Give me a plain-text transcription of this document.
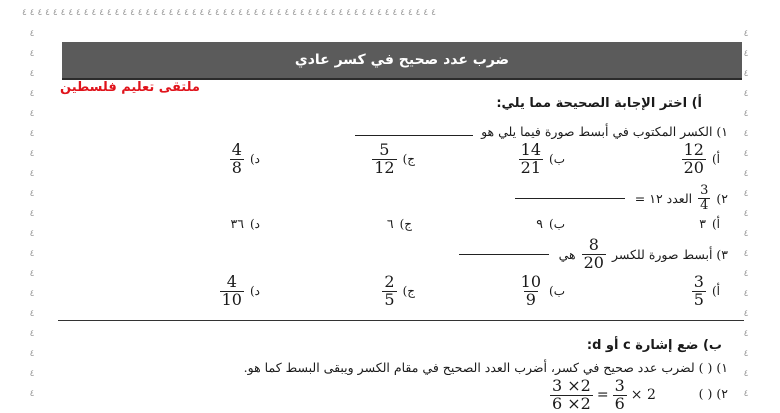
٤ ٤ ٤ ٤ ٤ ٤ ٤ ٤ ٤ ٤ ٤ ٤ ٤ ٤ ٤ ٤ ٤ ٤ ٤ ٤ ٤ ٤ ٤ ٤ ٤ ٤ ٤ ٤ ٤ ٤ ٤ ٤ ٤ ٤ ٤ ٤ ٤ ٤ ٤ ٤ ٤ ٤ ٤ ٤ ٤ ٤ ٤ ٤ ٤ ٤ ٤ ٤ ٤ ٤
٤ ٤ ٤ ٤ ٤ ٤ ٤ ٤ ٤ ٤ ٤ ٤ ٤ ٤ ٤ ٤ ٤ ٤ ٤
٤ ٤ ٤ ٤ ٤ ٤ ٤ ٤ ٤ ٤ ٤ ٤ ٤ ٤ ٤ ٤ ٤ ٤ ٤
ضرب عدد صحيح في كسر عادي
ملتقى تعليم فلسطين
أ) اختر الإجابة الصحيحة مما يلي:
١) الكسر المكتوب في أبسط صورة فيما يلي هو
أ)
$\frac{12}{20}$
ب)
$\frac{14}{21}$
ج)
$\frac{5}{12}$
د)
$\frac{4}{8}$
٢)
$\frac{3}{4}$
العدد ١٢ =
أ)
٣
ب)
٩
ج)
٦
د)
٣٦
٣) أبسط صورة للكسر
$\frac{8}{20}$
هي
أ)
$\frac{3}{5}$
ب)
$\frac{10}{9}$
ج)
$\frac{2}{5}$
د)
$\frac{4}{10}$
ب) ضع إشارة c أو d:
١) ( ) لضرب عدد صحيح في كسر، أضرب العدد الصحيح في مقام الكسر ويبقى البسط كما هو.
٢) ( )
$\frac{3 \times 2}{6 \times 2} = \frac{3}{6} \times 2$
